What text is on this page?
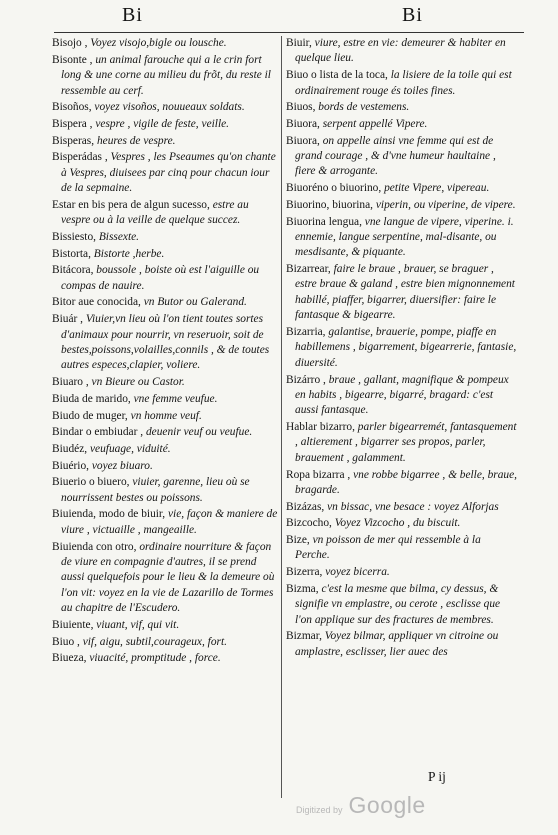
Bi	Bi
Bisojo , Voyez visojo,bigle ou lousche.
Bisonte , un animal farouche qui a le crin fort long & une corne au milieu du frõt, du reste il ressemble au cerf.
Bisoños, voyez visoños, nouueaux soldats.
Bispera , vespre , vigile de feste, veille.
Bisperas, heures de vespre.
Bisperádas , Vespres , les Pseaumes qu'on chante à Vespres, diuisees par cinq pour chacun iour de la sepmaine.
Estar en bis pera de algun sucesso, estre au vespre ou à la veille de quelque succez.
Bissiesto, Bissexte.
Bistorta, Bistorte ,herbe.
Bitácora, boussole , boiste où est l'aiguille ou compas de nauire.
Bitor aue conocida, vn Butor ou Galerand.
Biuár , Viuier,vn lieu où l'on tient toutes sortes d'animaux pour nourrir, vn reseruoir, soit de bestes,poissons,volailles,connils , & de toutes autres especes,clapier, voliere.
Biuaro , vn Bieure ou Castor.
Biuda de marido, vne femme veufue.
Biudo de muger, vn homme veuf.
Bindar o embiudar , deuenir veuf ou veufue.
Biudéz, veufuage, viduité.
Biuério, voyez biuaro.
Biuerio o biuero, viuier, garenne, lieu où se nourrissent bestes ou poissons.
Biuienda, modo de biuir, vie, façon & maniere de viure , victuaille , mangeaille.
Biuienda con otro, ordinaire nourriture & façon de viure en compagnie d'autres, il se prend aussi quelquefois pour le lieu & la demeure où l'on vit: voyez en la vie de Lazarillo de Tormes au chapitre de l'Escudero.
Biuiente, viuant, vif, qui vit.
Biuo , vif, aigu, subtil,courageux, fort.
Biueza, viuacité, promptitude , force.
Biuir, viure, estre en vie: demeurer & habiter en quelque lieu.
Biuo o lista de la toca, la lisiere de la toile qui est ordinairement rouge és toiles fines.
Biuos, bords de vestemens.
Biuora, serpent appellé Vipere.
Biuora, on appelle ainsi vne femme qui est de grand courage , & d'vne humeur haultaine , fiere & arrogante.
Biuoréno o biuorino, petite Vipere, vipereau.
Biuorino, biuorina, viperin, ou viperine, de vipere.
Biuorina lengua, vne langue de vipere, viperine. i. ennemie, langue serpentine, mal-disante, ou mesdisante, & piquante.
Bizarrear, faire le braue , brauer, se braguer , estre braue & galand , estre bien mignonnement habillé, piaffer, bigarrer, diuersifier: faire le fantasque & bigearre.
Bizarria, galantise, brauerie, pompe, piaffe en habillemens , bigarrement, bigearrerie, fantasie, diuersité.
Bizárro , braue , gallant, magnifique & pompeux en habits , bigearre, bigarré, bragard: c'est aussi fantasque.
Hablar bizarro, parler bigearremét, fantasquement , altierement , bigarrer ses propos, parler, brauement , galamment.
Ropa bizarra , vne robbe bigarree , & belle, braue, bragarde.
Bizázas, vn bissac, vne besace : voyez Alforjas
Bizcocho, Voyez Vizcocho , du biscuit.
Bize, vn poisson de mer qui ressemble à la Perche.
Bizerra, voyez bicerra.
Bizma, c'est la mesme que bilma, cy dessus, & signifie vn emplastre, ou cerote , esclisse que l'on applique sur des fractures de membres.
Bizmar, Voyez bilmar, appliquer vn citroine ou amplastre, esclisser, lier auec des
P ij
Digitized by Google
